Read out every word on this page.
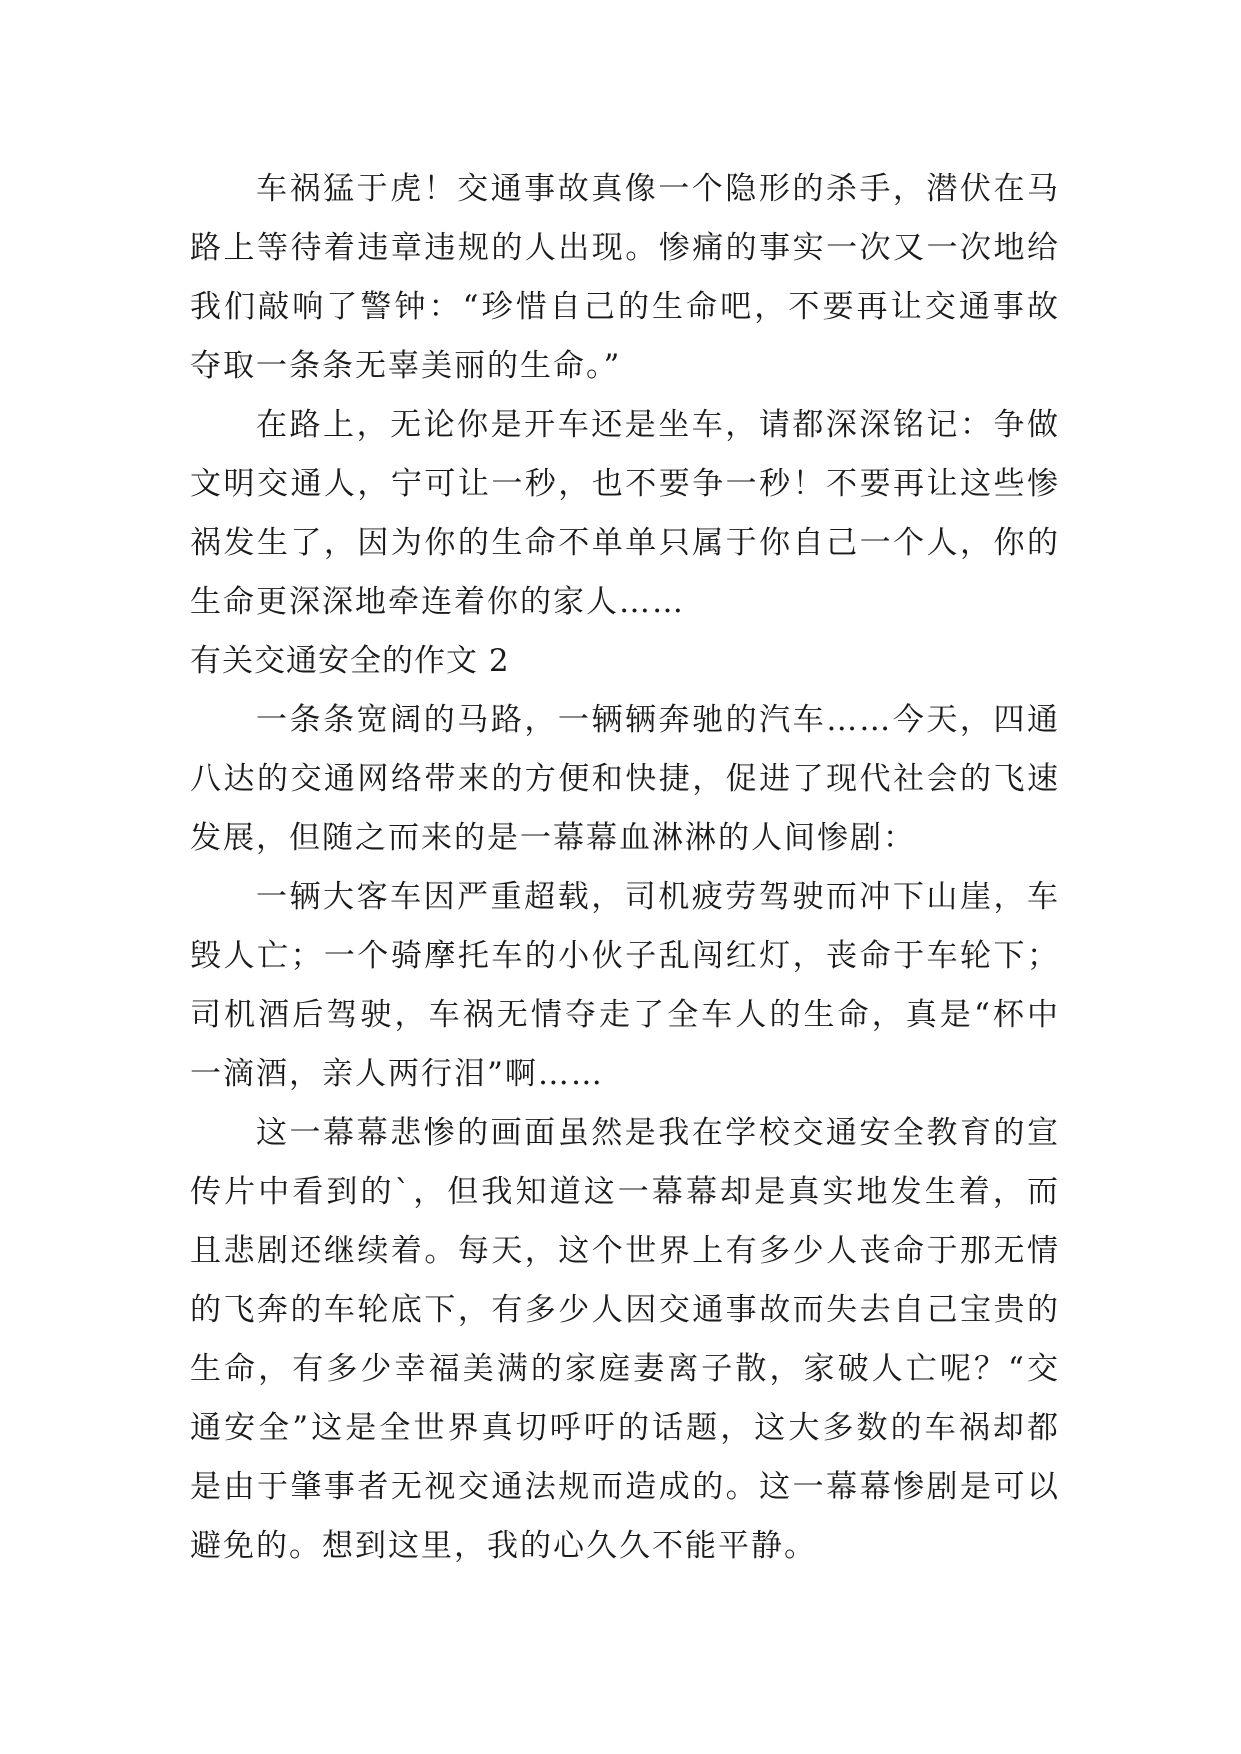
车祸猛于虎！交通事故真像一个隐形的杀手，潜伏在马路上等待着违章违规的人出现。惨痛的事实一次又一次地给我们敲响了警钟：“珍惜自己的生命吧，不要再让交通事故夺取一条条无辜美丽的生命。”

在路上，无论你是开车还是坐车，请都深深铭记：争做文明交通人，宁可让一秒，也不要争一秒！不要再让这些惨祸发生了，因为你的生命不单单只属于你自己一个人，你的生命更深深地牵连着你的家人……

有关交通安全的作文 2

一条条宽阔的马路，一辆辆奔驰的汽车……今天，四通八达的交通网络带来的方便和快捷，促进了现代社会的飞速发展，但随之而来的是一幕幕血淋淋的人间惨剧：

一辆大客车因严重超载，司机疲劳驾驶而冲下山崖，车毁人亡；一个骑摩托车的小伙子乱闯红灯，丧命于车轮下；司机酒后驾驶，车祸无情夺走了全车人的生命，真是“杯中一滴酒，亲人两行泪”啊……

这一幕幕悲惨的画面虽然是我在学校交通安全教育的宣传片中看到的`，但我知道这一幕幕却是真实地发生着，而且悲剧还继续着。每天，这个世界上有多少人丧命于那无情的飞奔的车轮底下，有多少人因交通事故而失去自己宝贵的生命，有多少幸福美满的家庭妻离子散，家破人亡呢？“交通安全”这是全世界真切呼吁的话题，这大多数的车祸却都是由于肇事者无视交通法规而造成的。这一幕幕惨剧是可以避免的。想到这里，我的心久久不能平静。
